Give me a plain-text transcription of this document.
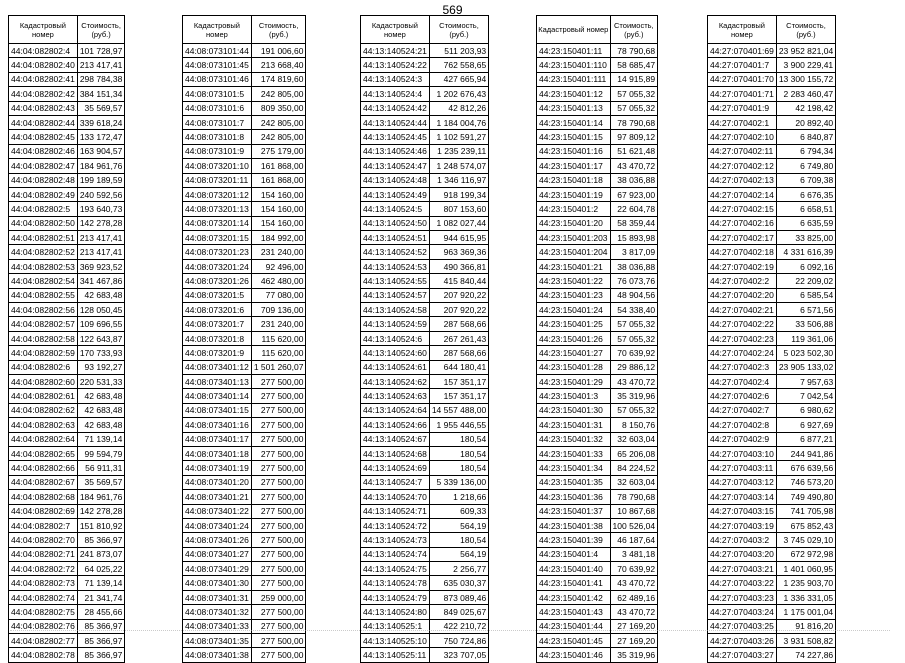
569
Кадастровый номер	Стоимость, (руб.)
44:04:082802:4	101 728,97
44:04:082802:40	213 417,41
44:04:082802:41	298 784,38
44:04:082802:42	384 151,34
44:04:082802:43	35 569,57
44:04:082802:44	339 618,24
44:04:082802:45	133 172,47
44:04:082802:46	163 904,57
44:04:082802:47	184 961,76
44:04:082802:48	199 189,59
44:04:082802:49	240 592,56
44:04:082802:5	193 640,73
44:04:082802:50	142 278,28
44:04:082802:51	213 417,41
44:04:082802:52	213 417,41
44:04:082802:53	369 923,52
44:04:082802:54	341 467,86
44:04:082802:55	42 683,48
44:04:082802:56	128 050,45
44:04:082802:57	109 696,55
44:04:082802:58	122 643,87
44:04:082802:59	170 733,93
44:04:082802:6	93 192,27
44:04:082802:60	220 531,33
44:04:082802:61	42 683,48
44:04:082802:62	42 683,48
44:04:082802:63	42 683,48
44:04:082802:64	71 139,14
44:04:082802:65	99 594,79
44:04:082802:66	56 911,31
44:04:082802:67	35 569,57
44:04:082802:68	184 961,76
44:04:082802:69	142 278,28
44:04:082802:7	151 810,92
44:04:082802:70	85 366,97
44:04:082802:71	241 873,07
44:04:082802:72	64 025,22
44:04:082802:73	71 139,14
44:04:082802:74	21 341,74
44:04:082802:75	28 455,66
44:04:082802:76	85 366,97
44:04:082802:77	85 366,97
44:04:082802:78	85 366,97
Кадастровый номер	Стоимость, (руб.)
44:08:073101:44	191 006,60
44:08:073101:45	213 668,40
44:08:073101:46	174 819,60
44:08:073101:5	242 805,00
44:08:073101:6	809 350,00
44:08:073101:7	242 805,00
44:08:073101:8	242 805,00
44:08:073101:9	275 179,00
44:08:073201:10	161 868,00
44:08:073201:11	161 868,00
44:08:073201:12	154 160,00
44:08:073201:13	154 160,00
44:08:073201:14	154 160,00
44:08:073201:15	184 992,00
44:08:073201:23	231 240,00
44:08:073201:24	92 496,00
44:08:073201:26	462 480,00
44:08:073201:5	77 080,00
44:08:073201:6	709 136,00
44:08:073201:7	231 240,00
44:08:073201:8	115 620,00
44:08:073201:9	115 620,00
44:08:073401:12	1 501 260,07
44:08:073401:13	277 500,00
44:08:073401:14	277 500,00
44:08:073401:15	277 500,00
44:08:073401:16	277 500,00
44:08:073401:17	277 500,00
44:08:073401:18	277 500,00
44:08:073401:19	277 500,00
44:08:073401:20	277 500,00
44:08:073401:21	277 500,00
44:08:073401:22	277 500,00
44:08:073401:24	277 500,00
44:08:073401:26	277 500,00
44:08:073401:27	277 500,00
44:08:073401:29	277 500,00
44:08:073401:30	277 500,00
44:08:073401:31	259 000,00
44:08:073401:32	277 500,00
44:08:073401:33	277 500,00
44:08:073401:35	277 500,00
44:08:073401:38	277 500,00
Кадастровый номер	Стоимость, (руб.)
44:13:140524:21	511 203,93
44:13:140524:22	762 558,65
44:13:140524:3	427 665,94
44:13:140524:4	1 202 676,43
44:13:140524:42	42 812,26
44:13:140524:44	1 184 004,76
44:13:140524:45	1 102 591,27
44:13:140524:46	1 235 239,11
44:13:140524:47	1 248 574,07
44:13:140524:48	1 346 116,97
44:13:140524:49	918 199,34
44:13:140524:5	807 153,60
44:13:140524:50	1 082 027,44
44:13:140524:51	944 615,95
44:13:140524:52	963 369,36
44:13:140524:53	490 366,81
44:13:140524:55	415 840,44
44:13:140524:57	207 920,22
44:13:140524:58	207 920,22
44:13:140524:59	287 568,66
44:13:140524:6	267 261,43
44:13:140524:60	287 568,66
44:13:140524:61	644 180,41
44:13:140524:62	157 351,17
44:13:140524:63	157 351,17
44:13:140524:64	14 557 488,00
44:13:140524:66	1 955 446,55
44:13:140524:67	180,54
44:13:140524:68	180,54
44:13:140524:69	180,54
44:13:140524:7	5 339 136,00
44:13:140524:70	1 218,66
44:13:140524:71	609,33
44:13:140524:72	564,19
44:13:140524:73	180,54
44:13:140524:74	564,19
44:13:140524:75	2 256,77
44:13:140524:78	635 030,37
44:13:140524:79	873 089,46
44:13:140524:80	849 025,67
44:13:140525:1	422 210,72
44:13:140525:10	750 724,86
44:13:140525:11	323 707,05
Кадастровый номер	Стоимость, (руб.)
44:23:150401:11	78 790,68
44:23:150401:110	58 685,47
44:23:150401:111	14 915,89
44:23:150401:12	57 055,32
44:23:150401:13	57 055,32
44:23:150401:14	78 790,68
44:23:150401:15	97 809,12
44:23:150401:16	51 621,48
44:23:150401:17	43 470,72
44:23:150401:18	38 036,88
44:23:150401:19	67 923,00
44:23:150401:2	22 604,78
44:23:150401:20	58 359,44
44:23:150401:203	15 893,98
44:23:150401:204	3 817,09
44:23:150401:21	38 036,88
44:23:150401:22	76 073,76
44:23:150401:23	48 904,56
44:23:150401:24	54 338,40
44:23:150401:25	57 055,32
44:23:150401:26	57 055,32
44:23:150401:27	70 639,92
44:23:150401:28	29 886,12
44:23:150401:29	43 470,72
44:23:150401:3	35 319,96
44:23:150401:30	57 055,32
44:23:150401:31	8 150,76
44:23:150401:32	32 603,04
44:23:150401:33	65 206,08
44:23:150401:34	84 224,52
44:23:150401:35	32 603,04
44:23:150401:36	78 790,68
44:23:150401:37	10 867,68
44:23:150401:38	100 526,04
44:23:150401:39	46 187,64
44:23:150401:4	3 481,18
44:23:150401:40	70 639,92
44:23:150401:41	43 470,72
44:23:150401:42	62 489,16
44:23:150401:43	43 470,72
44:23:150401:44	27 169,20
44:23:150401:45	27 169,20
44:23:150401:46	35 319,96
Кадастровый номер	Стоимость, (руб.)
44:27:070401:69	23 952 821,04
44:27:070401:7	3 900 229,41
44:27:070401:70	13 300 155,72
44:27:070401:71	2 283 460,47
44:27:070401:9	42 198,42
44:27:070402:1	20 892,40
44:27:070402:10	6 840,87
44:27:070402:11	6 794,34
44:27:070402:12	6 749,80
44:27:070402:13	6 709,38
44:27:070402:14	6 676,35
44:27:070402:15	6 658,51
44:27:070402:16	6 635,59
44:27:070402:17	33 825,00
44:27:070402:18	4 331 616,39
44:27:070402:19	6 092,16
44:27:070402:2	22 209,02
44:27:070402:20	6 585,54
44:27:070402:21	6 571,56
44:27:070402:22	33 506,88
44:27:070402:23	119 361,06
44:27:070402:24	5 023 502,30
44:27:070402:3	23 905 133,02
44:27:070402:4	7 957,63
44:27:070402:6	7 042,54
44:27:070402:7	6 980,62
44:27:070402:8	6 927,69
44:27:070402:9	6 877,21
44:27:070403:10	244 941,86
44:27:070403:11	676 639,56
44:27:070403:12	746 573,20
44:27:070403:14	749 490,80
44:27:070403:15	741 705,98
44:27:070403:19	675 852,43
44:27:070403:2	3 745 029,10
44:27:070403:20	672 972,98
44:27:070403:21	1 401 060,95
44:27:070403:22	1 235 903,70
44:27:070403:23	1 336 331,05
44:27:070403:24	1 175 001,04
44:27:070403:25	91 816,20
44:27:070403:26	3 931 508,82
44:27:070403:27	74 227,86
